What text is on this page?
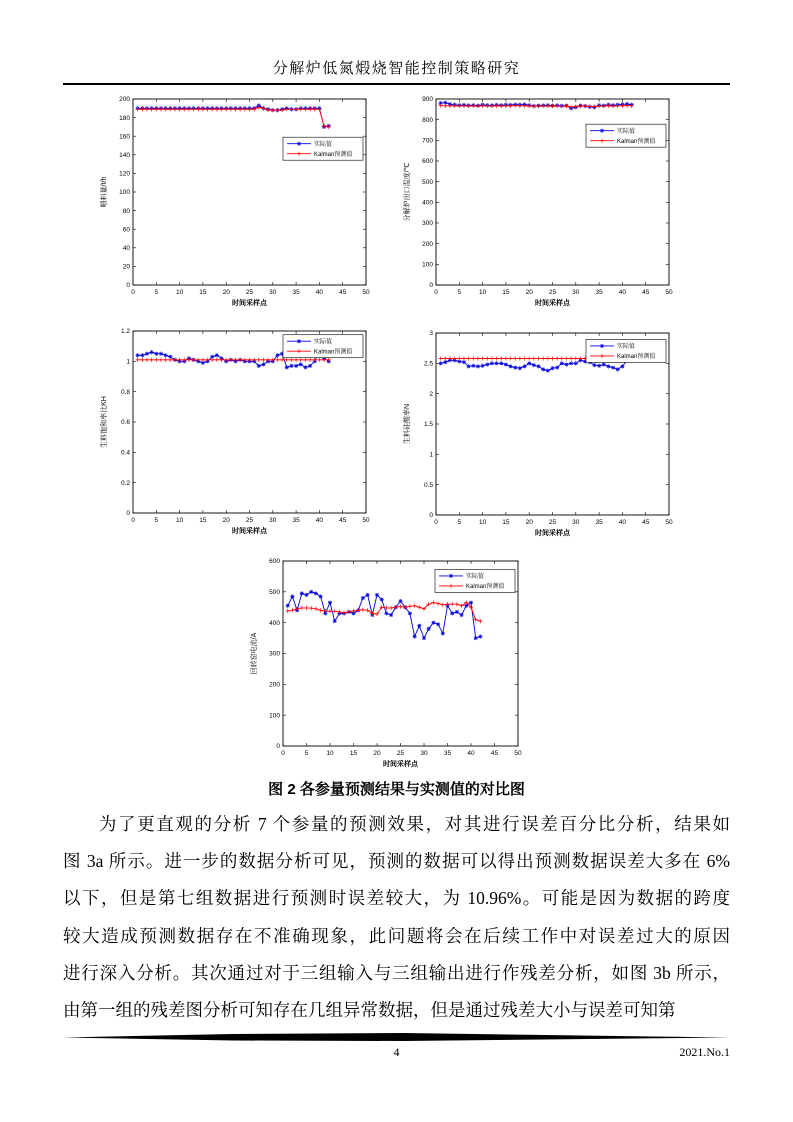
分解炉低氮煅烧智能控制策略研究
0	5	10 15 20 25 30 35 40 45 50
0
20
40
60
80
100
120
140
160
180
200
时间采样点
喂料量/t/h
实际值
Kalman预测值
0	5	10 15 20 25 30 35 40 45 50
0
100
200
300
400
500
600
700
800
900
时间采样点
分解炉出口温度/℃
实际值
Kalman预测值
0	5	10 15 20 25 30 35 40 45 50
0
0.2
0.4
0.6
0.8
1
1.2
时间采样点
生料饱和率比KH
实际值
Kalman预测值
0	5	10 15 20 25 30 35 40 45 50
0
0.5
1
1.5
2
2.5
3
时间采样点
生料硅酸率N
实际值
Kalman预测值
0	5	10	15	20	25	30	35	40	45	50
0
100
200
300
400
500
600
时间采样点
回转窑电流/A
实际值
Kalman预测值
图 2 各参量预测结果与实测值的对比图
为了更直观的分析 7 个参量的预测效果，对其进行误差百分比分析，结果如
图 3a 所示。进一步的数据分析可见，预测的数据可以得出预测数据误差大多在 6%
以下，但是第七组数据进行预测时误差较大，为 10.96%。可能是因为数据的跨度
较大造成预测数据存在不准确现象，此问题将会在后续工作中对误差过大的原因
进行深入分析。其次通过对于三组输入与三组输出进行作残差分析，如图 3b 所示，
由第一组的残差图分析可知存在几组异常数据，但是通过残差大小与误差可知第
4	2021.No.1
